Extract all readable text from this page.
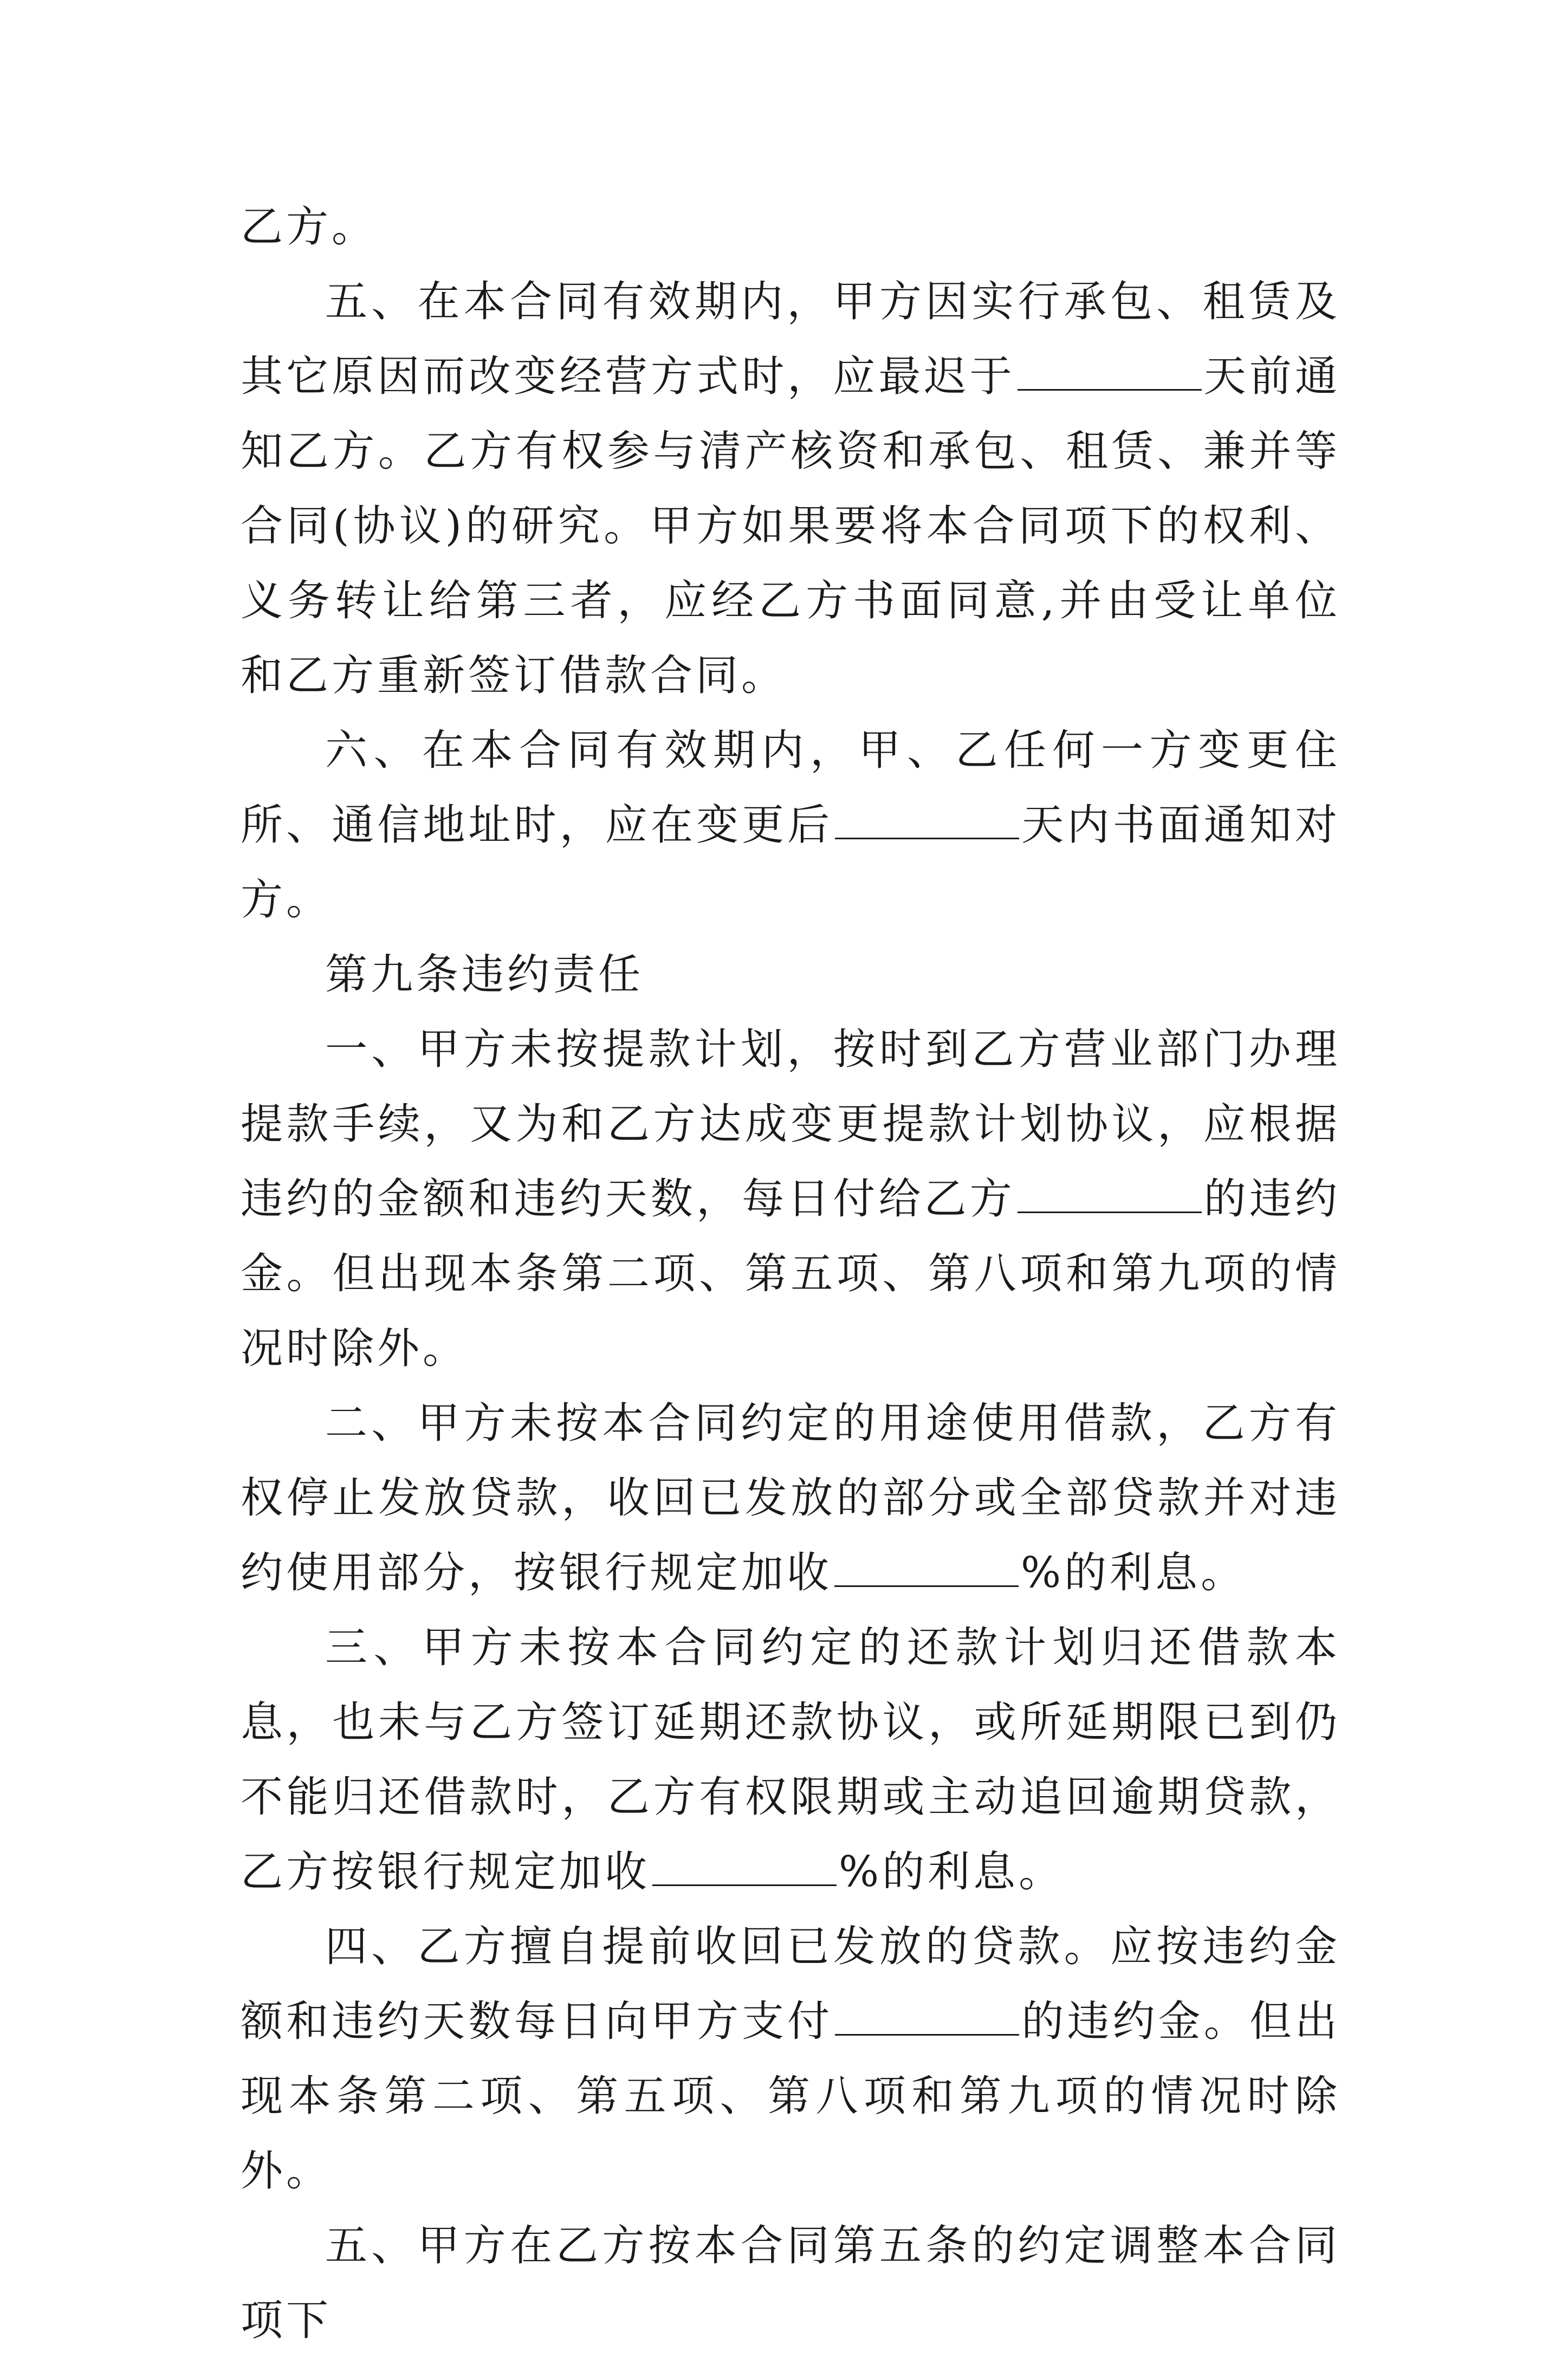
乙方。

五、在本合同有效期内，甲方因实行承包、租赁及其它原因而改变经营方式时，应最迟于	天前通知乙方。乙方有权参与清产核资和承包、租赁、兼并等合同(协议)的研究。甲方如果要将本合同项下的权利、义务转让给第三者，应经乙方书面同意,并由受让单位和乙方重新签订借款合同。

六、在本合同有效期内，甲、乙任何一方变更住所、通信地址时，应在变更后	天内书面通知对方。

第九条违约责任

一、甲方未按提款计划，按时到乙方营业部门办理提款手续，又为和乙方达成变更提款计划协议，应根据违约的金额和违约天数，每日付给乙方	的违约金。但出现本条第二项、第五项、第八项和第九项的情况时除外。

二、甲方未按本合同约定的用途使用借款，乙方有权停止发放贷款，收回已发放的部分或全部贷款并对违约使用部分，按银行规定加收	%的利息。

三、甲方未按本合同约定的还款计划归还借款本息，也未与乙方签订延期还款协议，或所延期限已到仍不能归还借款时，乙方有权限期或主动追回逾期贷款，乙方按银行规定加收	%的利息。

四、乙方擅自提前收回已发放的贷款。应按违约金额和违约天数每日向甲方支付	的违约金。但出现本条第二项、第五项、第八项和第九项的情况时除外。

五、甲方在乙方按本合同第五条的约定调整本合同项下
